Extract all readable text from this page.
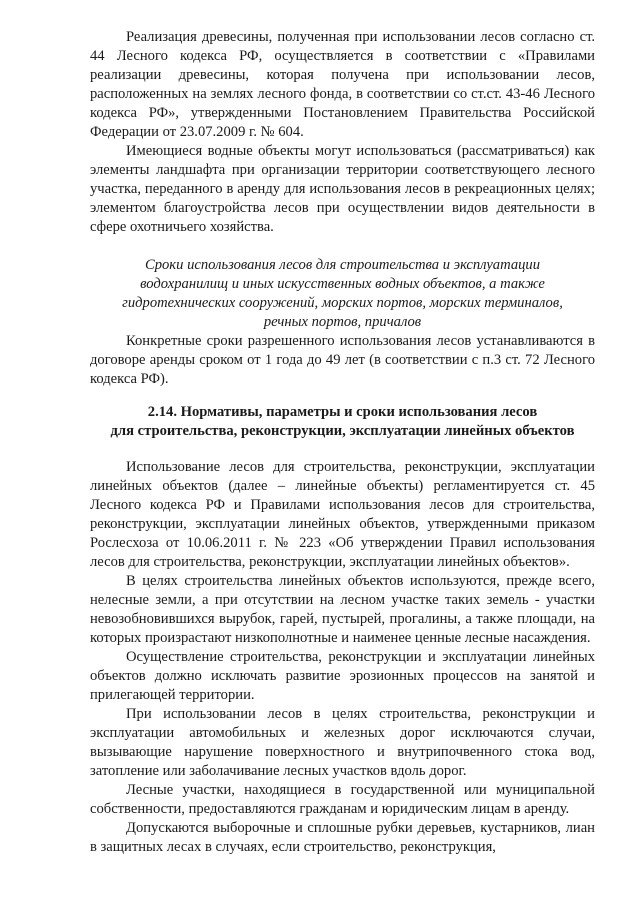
Реализация древесины, полученная при использовании лесов согласно ст. 44 Лесного кодекса РФ, осуществляется в соответствии с «Правилами реализации древесины, которая получена при использовании лесов, расположенных на землях лесного фонда, в соответствии со ст.ст. 43-46 Лесного кодекса РФ», утвержденными Постановлением Правительства Российской Федерации от 23.07.2009 г. № 604.

Имеющиеся водные объекты могут использоваться (рассматриваться) как элементы ландшафта при организации территории соответствующего лесного участка, переданного в аренду для использования лесов в рекреационных целях; элементом благоустройства лесов при осуществлении видов деятельности в сфере охотничьего хозяйства.

Сроки использования лесов для строительства и эксплуатации

водохранилищ и иных искусственных водных объектов, а также

гидротехнических сооружений, морских портов, морских терминалов,

речных портов, причалов

Конкретные сроки разрешенного использования лесов устанавливаются в договоре аренды сроком от 1 года до 49 лет (в соответствии с п.3 ст. 72 Лесного кодекса РФ).

2.14. Нормативы, параметры и сроки использования лесов

для строительства, реконструкции, эксплуатации линейных объектов

Использование лесов для строительства, реконструкции, эксплуатации линейных объектов (далее – линейные объекты) регламентируется ст. 45 Лесного кодекса РФ и Правилами использования лесов для строительства, реконструкции, эксплуатации линейных объектов, утвержденными приказом Рослесхоза от 10.06.2011 г. № 223 «Об утверждении Правил использования лесов для строительства, реконструкции, эксплуатации линейных объектов».

В целях строительства линейных объектов используются, прежде всего, нелесные земли, а при отсутствии на лесном участке таких земель - участки невозобновившихся вырубок, гарей, пустырей, прогалины, а также площади, на которых произрастают низкополнотные и наименее ценные лесные насаждения.

Осуществление строительства, реконструкции и эксплуатации линейных объектов должно исключать развитие эрозионных процессов на занятой и прилегающей территории.

При использовании лесов в целях строительства, реконструкции и эксплуатации автомобильных и железных дорог исключаются случаи, вызывающие нарушение поверхностного и внутрипочвенного стока вод, затопление или заболачивание лесных участков вдоль дорог.

Лесные участки, находящиеся в государственной или муниципальной собственности, предоставляются гражданам и юридическим лицам в аренду.

Допускаются выборочные и сплошные рубки деревьев, кустарников, лиан в защитных лесах в случаях, если строительство, реконструкция,
